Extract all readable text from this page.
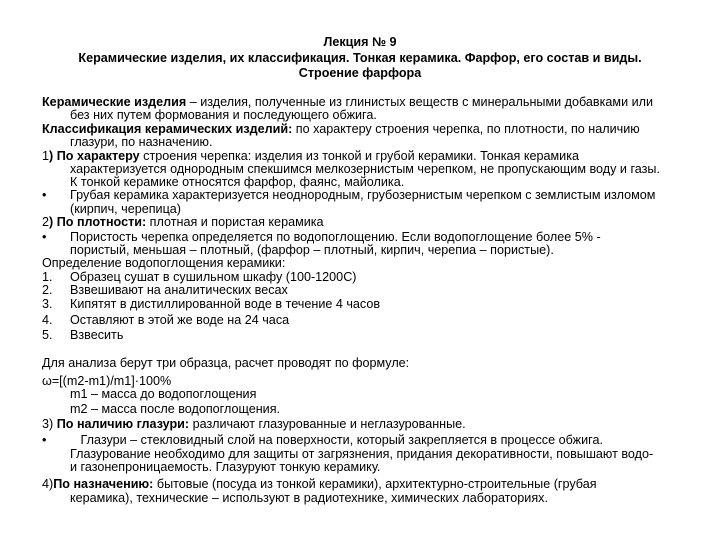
Лекция № 9
Керамические изделия, их классификация. Тонкая керамика. Фарфор, его состав и виды.
Строение фарфора
Керамические изделия – изделия, полученные из глинистых веществ с минеральными добавками или
без них путем формования и последующего обжига.
Классификация керамических изделий: по характеру строения черепка, по плотности, по наличию
глазури, по назначению.
1) По характеру строения черепка: изделия из тонкой и грубой керамики. Тонкая керамика
характеризуется однородным спекшимся мелкозернистым черепком, не пропускающим воду и газы.
К тонкой керамике относятся фарфор, фаянс, майолика.
• Грубая керамика характеризуется неоднородным, грубозернистым черепком с землистым изломом
(кирпич, черепица)
2) По плотности: плотная и пористая керамика
• Пористость черепка определяется по водопоглощению. Если водопоглощение более 5% -
пористый, меньшая – плотный, (фарфор – плотный, кирпич, черепиа – пористые).
Определение водопоглощения керамики:
1. Образец сушат в сушильном шкафу (100-1200С)
2. Взвешивают на аналитических весах
3. Кипятят в дистиллированной воде в течение 4 часов
4. Оставляют в этой же воде на 24 часа
5. Взвесить
Для анализа берут три образца, расчет проводят по формуле:
ω=[(m2-m1)/m1]·100%
m1 – масса до водопоглощения
m2 – масса после водопоглощения.
3) По наличию глазури: различают глазурованные и неглазурованные.
• Глазури – стекловидный слой на поверхности, который закрепляется в процессе обжига.
Глазурование необходимо для защиты от загрязнения, придания декоративности, повышают водо-
и газонепроницаемость. Глазуруют тонкую керамику.
4)По назначению: бытовые (посуда из тонкой керамики), архитектурно-строительные (грубая
керамика), технические – используют в радиотехнике, химических лабораториях.
